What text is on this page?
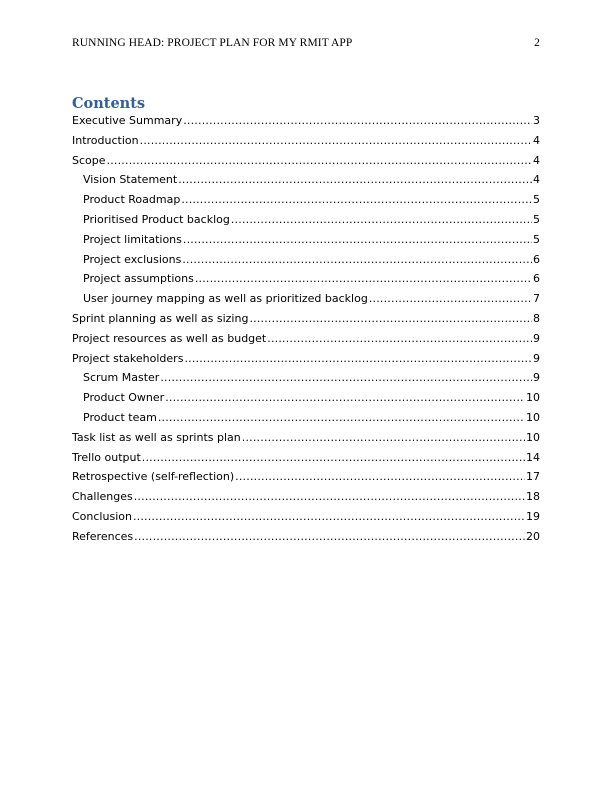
RUNNING HEAD: PROJECT PLAN FOR MY RMIT APP	2
Contents
Executive Summary .....	3
Introduction .....	4
Scope .....	4
Vision Statement .....	4
Product Roadmap .....	5
Prioritised Product backlog .....	5
Project limitations .....	5
Project exclusions .....	6
Project assumptions .....	6
User journey mapping as well as prioritized backlog .....	7
Sprint planning as well as sizing .....	8
Project resources as well as budget .....	9
Project stakeholders .....	9
Scrum Master .....	9
Product Owner .....	10
Product team .....	10
Task list as well as sprints plan .....	10
Trello output .....	14
Retrospective (self-reflection) .....	17
Challenges .....	18
Conclusion .....	19
References .....	20
